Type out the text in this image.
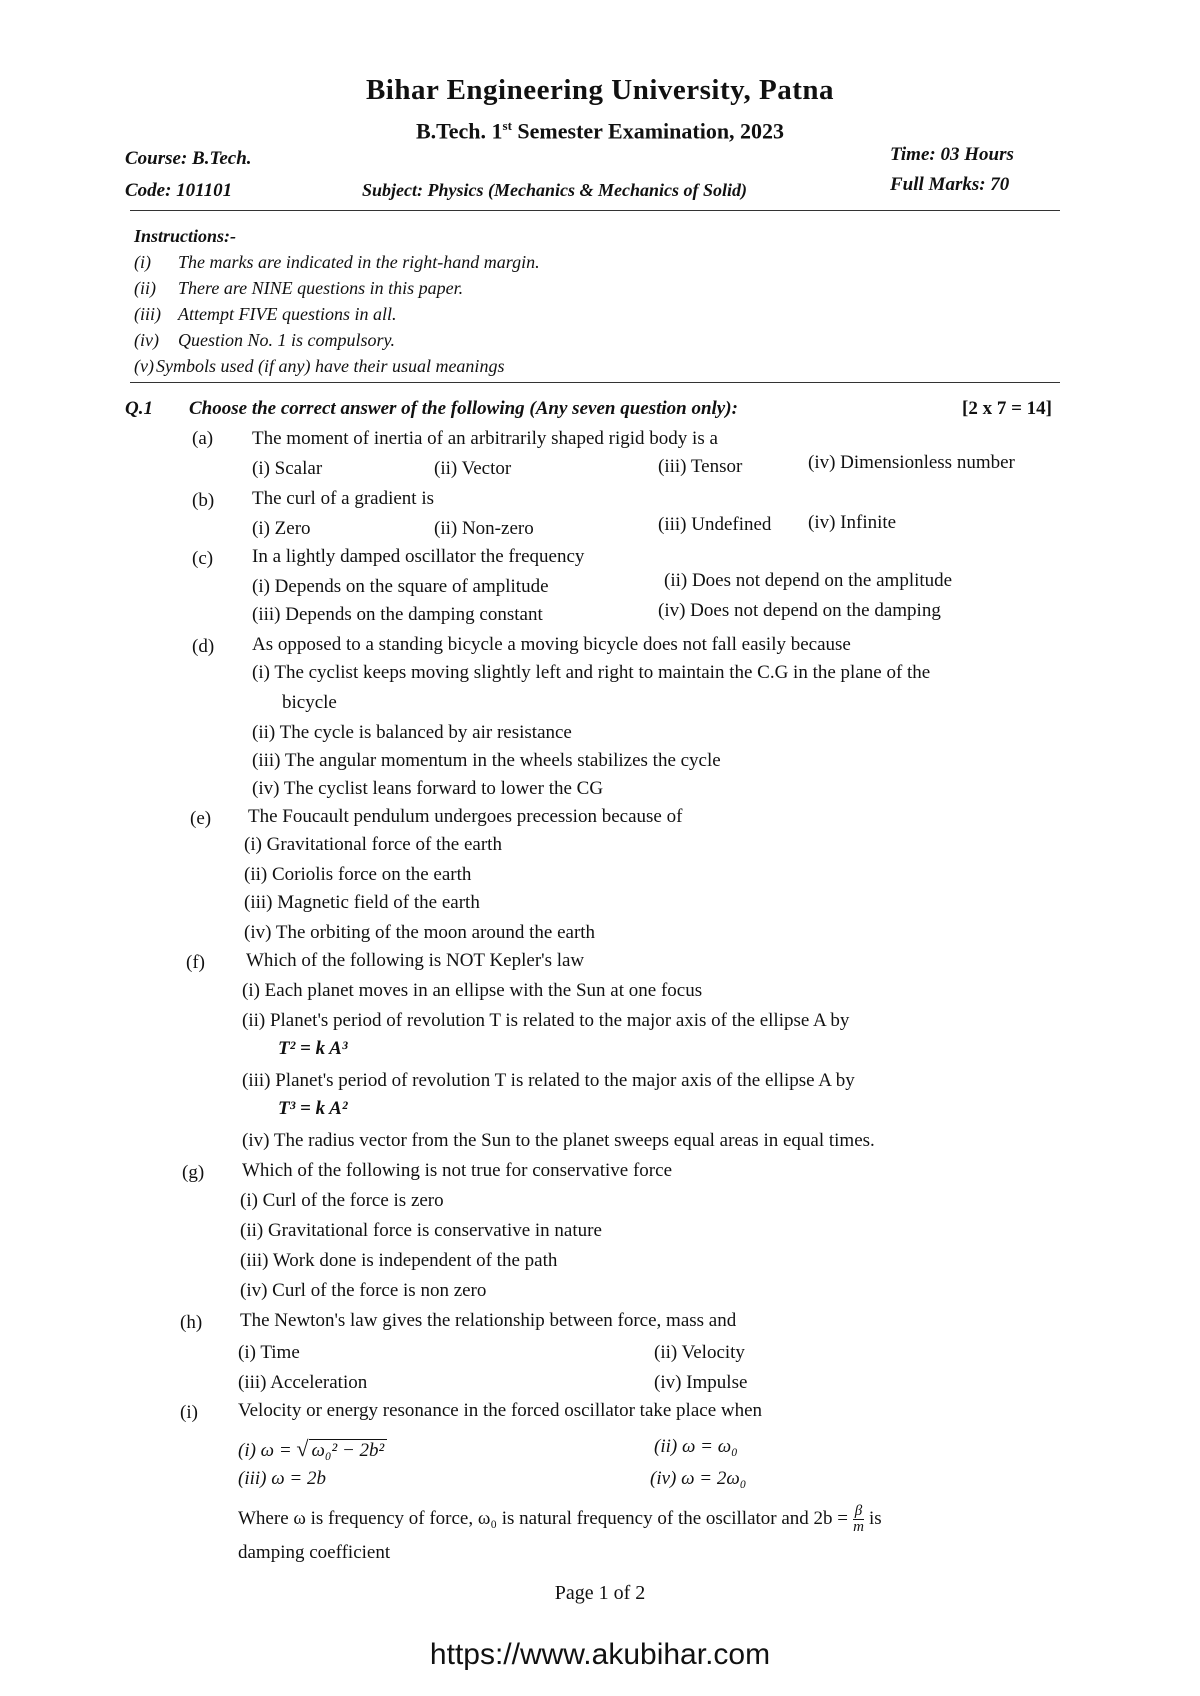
Bihar Engineering University, Patna
B.Tech. 1st Semester Examination, 2023
Course: B.Tech.
Code: 101101	Subject: Physics (Mechanics & Mechanics of Solid)
Time: 03 Hours
Full Marks: 70
Instructions:-
(i) The marks are indicated in the right-hand margin.
(ii) There are NINE questions in this paper.
(iii) Attempt FIVE questions in all.
(iv) Question No. 1 is compulsory.
(v) Symbols used (if any) have their usual meanings
Q.1 Choose the correct answer of the following (Any seven question only):	[2 x 7 = 14]
(a) The moment of inertia of an arbitrarily shaped rigid body is a
(i) Scalar	(ii) Vector	(iii) Tensor	(iv) Dimensionless number
(b) The curl of a gradient is
(i) Zero	(ii) Non-zero	(iii) Undefined (iv) Infinite
(c) In a lightly damped oscillator the frequency
(i) Depends on the square of amplitude	(ii) Does not depend on the amplitude
(iii) Depends on the damping constant	(iv) Does not depend on the damping
(d) As opposed to a standing bicycle a moving bicycle does not fall easily because
(i) The cyclist keeps moving slightly left and right to maintain the C.G in the plane of the
bicycle
(ii) The cycle is balanced by air resistance
(iii) The angular momentum in the wheels stabilizes the cycle
(iv) The cyclist leans forward to lower the CG
(e) The Foucault pendulum undergoes precession because of
(i) Gravitational force of the earth
(ii) Coriolis force on the earth
(iii) Magnetic field of the earth
(iv) The orbiting of the moon around the earth
(f) Which of the following is NOT Kepler's law
(i) Each planet moves in an ellipse with the Sun at one focus
(ii) Planet's period of revolution T is related to the major axis of the ellipse A by
T² = k A³
(iii) Planet's period of revolution T is related to the major axis of the ellipse A by
T³ = k A²
(iv) The radius vector from the Sun to the planet sweeps equal areas in equal times.
(g) Which of the following is not true for conservative force
(i) Curl of the force is zero
(ii) Gravitational force is conservative in nature
(iii) Work done is independent of the path
(iv) Curl of the force is non zero
(h) The Newton's law gives the relationship between force, mass and
(i) Time	(ii) Velocity
(iii) Acceleration	(iv) Impulse
(i) Velocity or energy resonance in the forced oscillator take place when
(i) ω = √ ω₀² − 2b²	(ii) ω = ω₀
(iii) ω = 2b	(iv) ω = 2ω₀
Where ω is frequency of force, ω₀ is natural frequency of the oscillator and $2b = \frac{\beta}{m}$ is
damping coefficient
Page 1 of 2
https://www.akubihar.com
